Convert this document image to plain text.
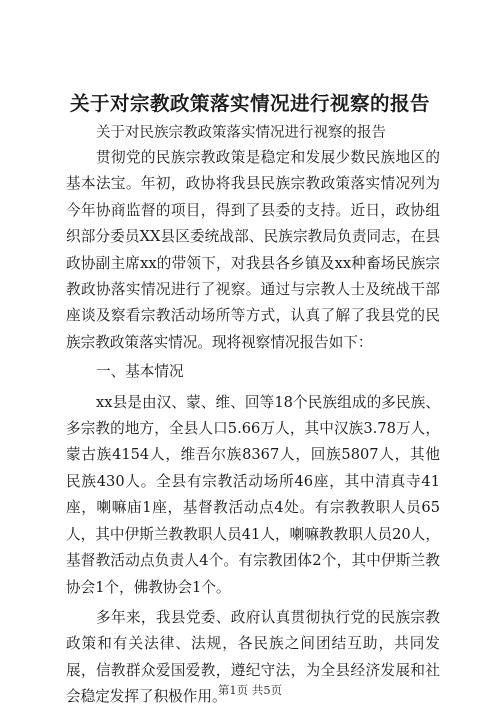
关于对宗教政策落实情况进行视察的报告

关于对民族宗教政策落实情况进行视察的报告

贯彻党的民族宗教政策是稳定和发展少数民族地区的基本法宝。年初，政协将我县民族宗教政策落实情况列为今年协商监督的项目，得到了县委的支持。近日，政协组织部分委员XX县区委统战部、民族宗教局负责同志，在县政协副主席xx的带领下，对我县各乡镇及xx种畜场民族宗教政协落实情况进行了视察。通过与宗教人士及统战干部座谈及察看宗教活动场所等方式，认真了解了我县党的民族宗教政策落实情况。现将视察情况报告如下：

一、基本情况

xx县是由汉、蒙、维、回等18个民族组成的多民族、多宗教的地方，全县人口5.66万人，其中汉族3.78万人，蒙古族4154人，维吾尔族8367人，回族5807人，其他民族430人。全县有宗教活动场所46座，其中清真寺41座，喇嘛庙1座，基督教活动点4处。有宗教教职人员65人，其中伊斯兰教教职人员41人，喇嘛教教职人员20人，基督教活动点负责人4个。有宗教团体2个，其中伊斯兰教协会1个，佛教协会1个。

多年来，我县党委、政府认真贯彻执行党的民族宗教政策和有关法律、法规，各民族之间团结互助，共同发展，信教群众爱国爱教，遵纪守法，为全县经济发展和社会稳定发挥了积极作用。

第1页 共5页
